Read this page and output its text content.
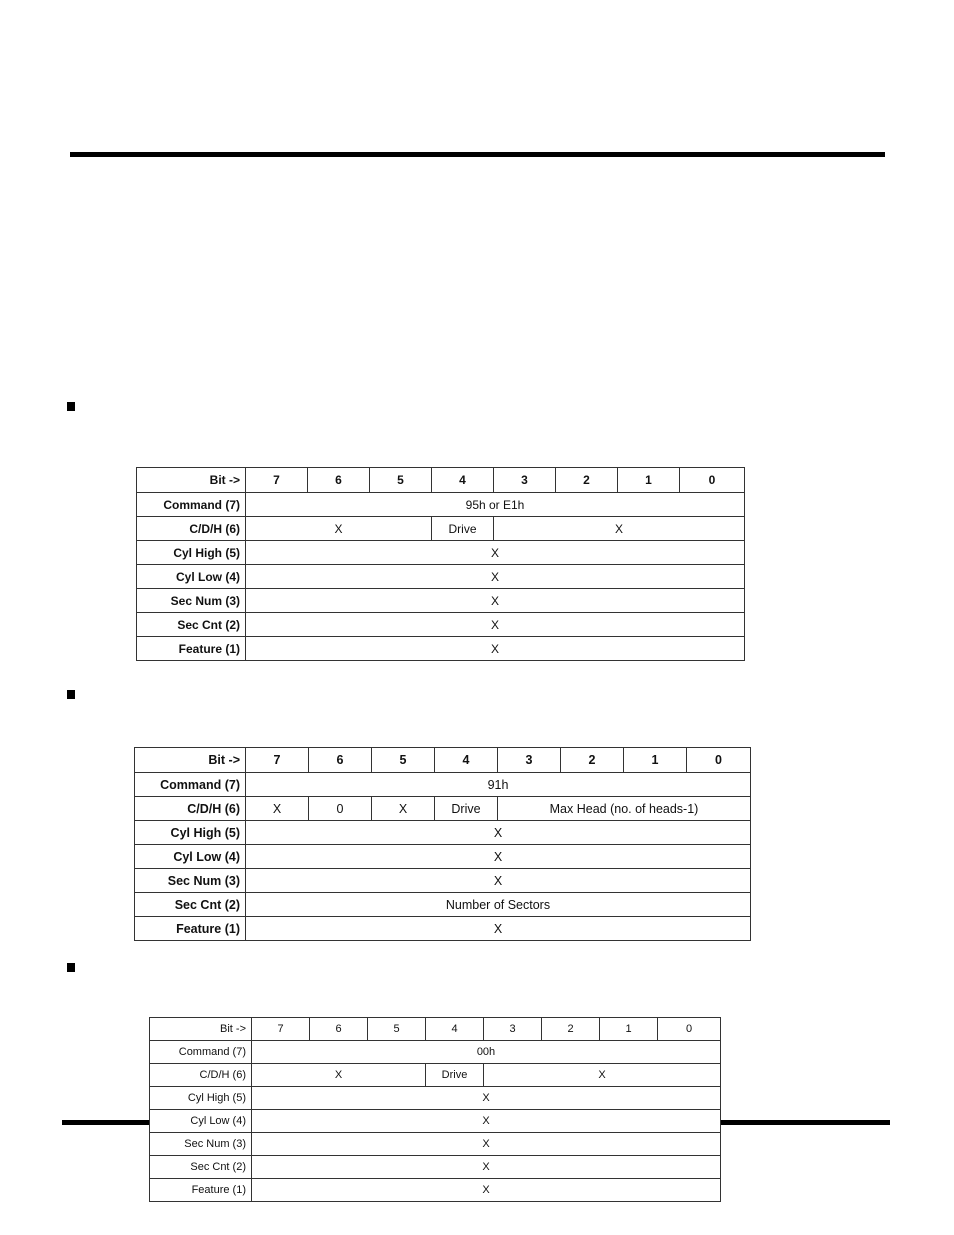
Bit ->	7	6	5	4	3	2	1	0
Command (7)	95h or E1h							
C/D/H (6)	X			Drive	X			
Cyl High (5)	X							
Cyl Low (4)	X							
Sec Num (3)	X							
Sec Cnt (2)	X							
Feature (1)	X							
Bit ->	7	6	5	4	3	2	1	0
Command (7)	91h							
C/D/H (6)	X	0	X	Drive	Max Head (no. of heads-1)			
Cyl High (5)	X							
Cyl Low (4)	X							
Sec Num (3)	X							
Sec Cnt (2)	Number of Sectors							
Feature (1)	X							
Bit ->	7	6	5	4	3	2	1	0
Command (7)	00h							
C/D/H (6)	X			Drive	X			
Cyl High (5)	X							
Cyl Low (4)	X							
Sec Num (3)	X							
Sec Cnt (2)	X							
Feature (1)	X							
